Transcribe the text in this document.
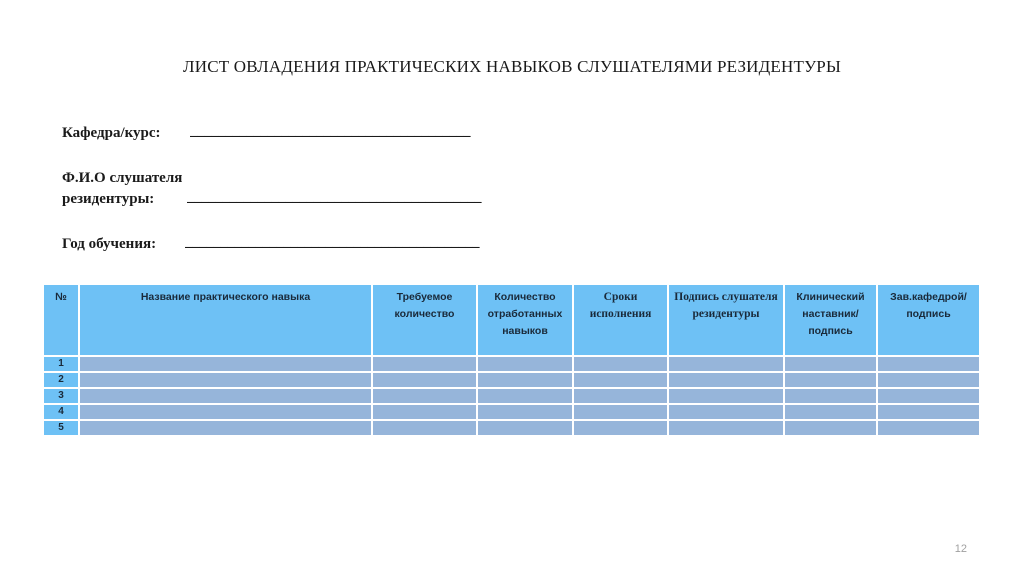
ЛИСТ ОВЛАДЕНИЯ ПРАКТИЧЕСКИХ НАВЫКОВ СЛУШАТЕЛЯМИ РЕЗИДЕНТУРЫ
Кафедра/курс: ________________________________________
Ф.И.О слушателя
резидентуры: __________________________________________
Год обучения: __________________________________________
№	Название практического навыка	Требуемое количество	Количество отработанных навыков	Сроки исполнения	Подпись слушателя резидентуры	Клинический наставник/ подпись	Зав.кафедрой/ подпись
1							
2							
3							
4							
5							
12
